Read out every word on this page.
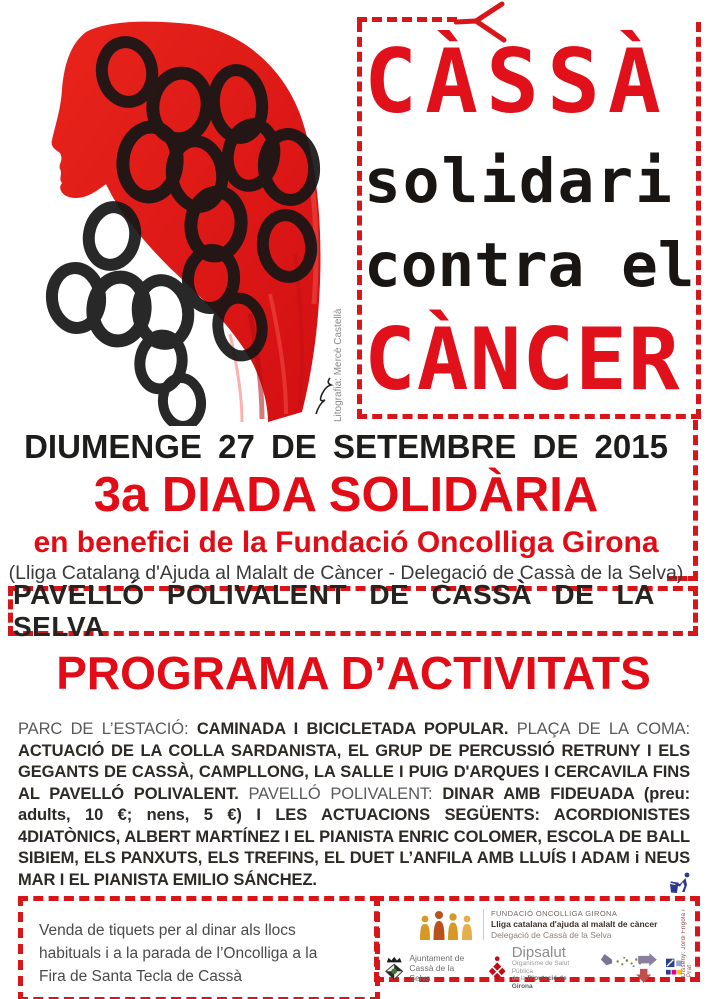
Litografia: Mercè Castellà
CÀSSÀ
solidari
contra el
CÀNCER
DIUMENGE 27 DE SETEMBRE DE 2015
3a DIADA SOLIDÀRIA
en benefici de la Fundació Oncolliga Girona
(Lliga Catalana d'Ajuda al Malalt de Càncer - Delegació de Cassà de la Selva)
PAVELLÓ POLIVALENT DE CASSÀ DE LA SELVA
PROGRAMA D’ACTIVITATS
PARC DE L’ESTACIÓ: CAMINADA I BICICLETADA POPULAR. PLAÇA DE LA COMA: ACTUACIÓ DE LA COLLA SARDANISTA, EL GRUP DE PERCUSSIÓ RETRUNY I ELS GEGANTS DE CASSÀ, CAMPLLONG, LA SALLE I PUIG D'ARQUES I CERCAVILA FINS AL PAVELLÓ POLIVALENT. PAVELLÓ POLIVALENT: DINAR AMB FIDEUADA (preu: adults, 10 €; nens, 5 €) I LES ACTUACIONS SEGÜENTS: ACORDIONISTES 4DIATÒNICS, ALBERT MARTÍNEZ I EL PIANISTA ENRIC COLOMER, ESCOLA DE BALL SIBIEM, ELS PANXUTS, ELS TREFINS, EL DUET L’ANFILA AMB LLUÍS I ADAM i NEUS MAR I EL PIANISTA EMILIO SÁNCHEZ.
Venda de tiquets per al dinar als llocs habituals i a la parada de l’Oncolliga a la Fira de Santa Tecla de Cassà
FUNDACIÓ ONCOLLIGA GIRONA
Lliga catalana d'ajuda al malalt de càncer
Delegació de Cassà de la Selva
Ajuntament de
Cassà de la Selva
Dipsalut
Organisme de Salut Pública
de la Diputació de Girona
Disseny: Jordi Frigola i Prat
